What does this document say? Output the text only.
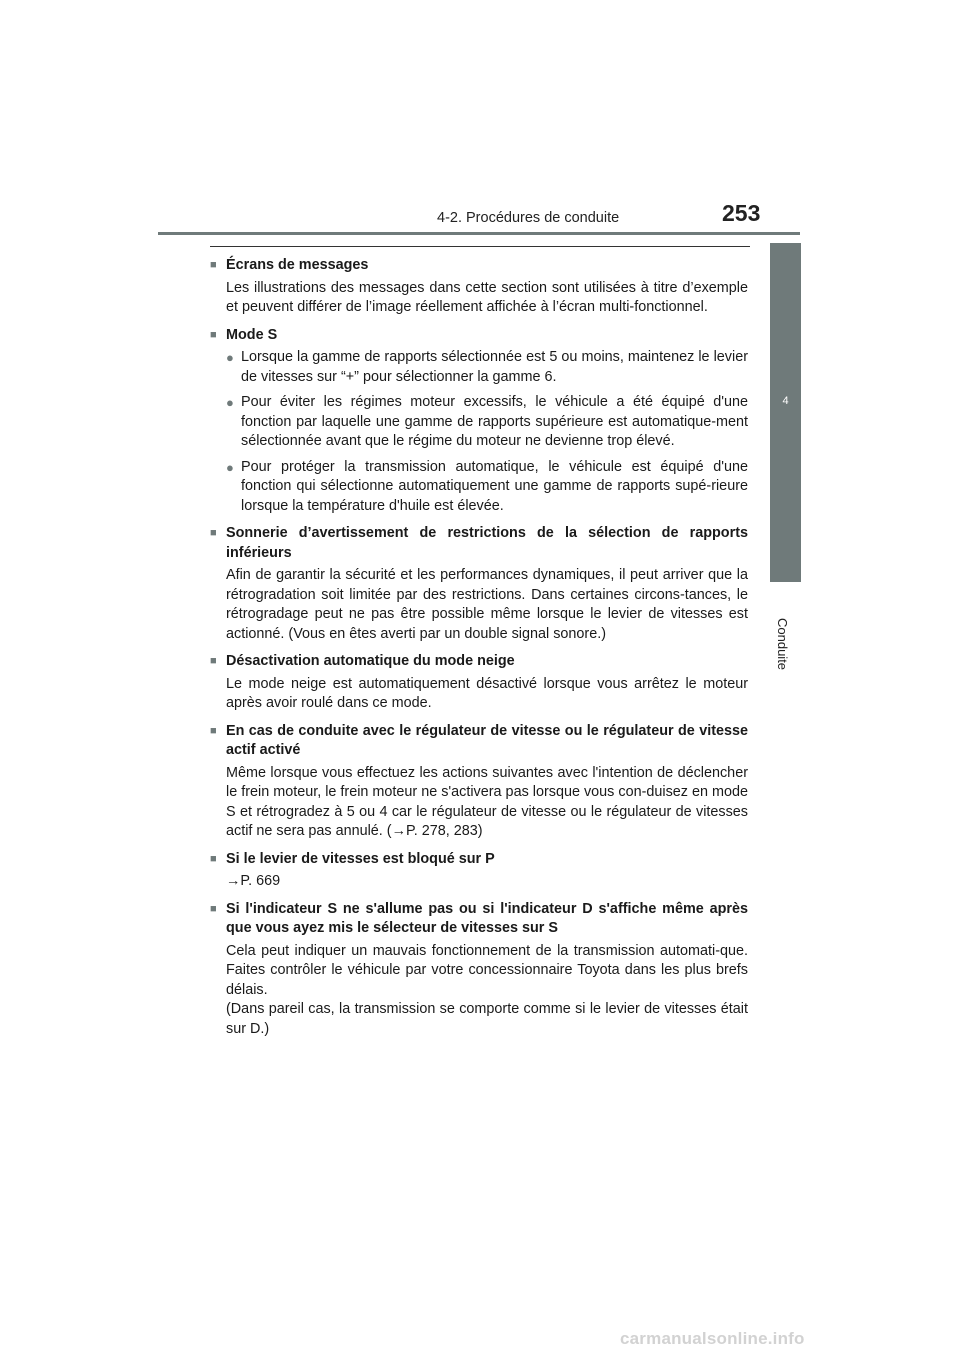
4-2. Procédures de conduite	253
4
Conduite
■ Écrans de messages

Les illustrations des messages dans cette section sont utilisées à titre d’exemple et peuvent différer de l’image réellement affichée à l’écran multi-fonctionnel.

■ Mode S
● Lorsque la gamme de rapports sélectionnée est 5 ou moins, maintenez le levier de vitesses sur “+” pour sélectionner la gamme 6.
● Pour éviter les régimes moteur excessifs, le véhicule a été équipé d'une fonction par laquelle une gamme de rapports supérieure est automatique-ment sélectionnée avant que le régime du moteur ne devienne trop élevé.
● Pour protéger la transmission automatique, le véhicule est équipé d'une fonction qui sélectionne automatiquement une gamme de rapports supé-rieure lorsque la température d'huile est élevée.
■ Sonnerie d’avertissement de restrictions de la sélection de rapports inférieurs

Afin de garantir la sécurité et les performances dynamiques, il peut arriver que la rétrogradation soit limitée par des restrictions. Dans certaines circons-tances, le rétrogradage peut ne pas être possible même lorsque le levier de vitesses est actionné. (Vous en êtes averti par un double signal sonore.)

■ Désactivation automatique du mode neige

Le mode neige est automatiquement désactivé lorsque vous arrêtez le moteur après avoir roulé dans ce mode.

■ En cas de conduite avec le régulateur de vitesse ou le régulateur de vitesse actif activé

Même lorsque vous effectuez les actions suivantes avec l'intention de déclencher le frein moteur, le frein moteur ne s'activera pas lorsque vous con-duisez en mode S et rétrogradez à 5 ou 4 car le régulateur de vitesse ou le régulateur de vitesses actif ne sera pas annulé. (→P. 278, 283)

■ Si le levier de vitesses est bloqué sur P

→P. 669

■ Si l'indicateur S ne s'allume pas ou si l'indicateur D s'affiche même après que vous ayez mis le sélecteur de vitesses sur S

Cela peut indiquer un mauvais fonctionnement de la transmission automati-que. Faites contrôler le véhicule par votre concessionnaire Toyota dans les plus brefs délais.

(Dans pareil cas, la transmission se comporte comme si le levier de vitesses était sur D.)

carmanualsonline.info
